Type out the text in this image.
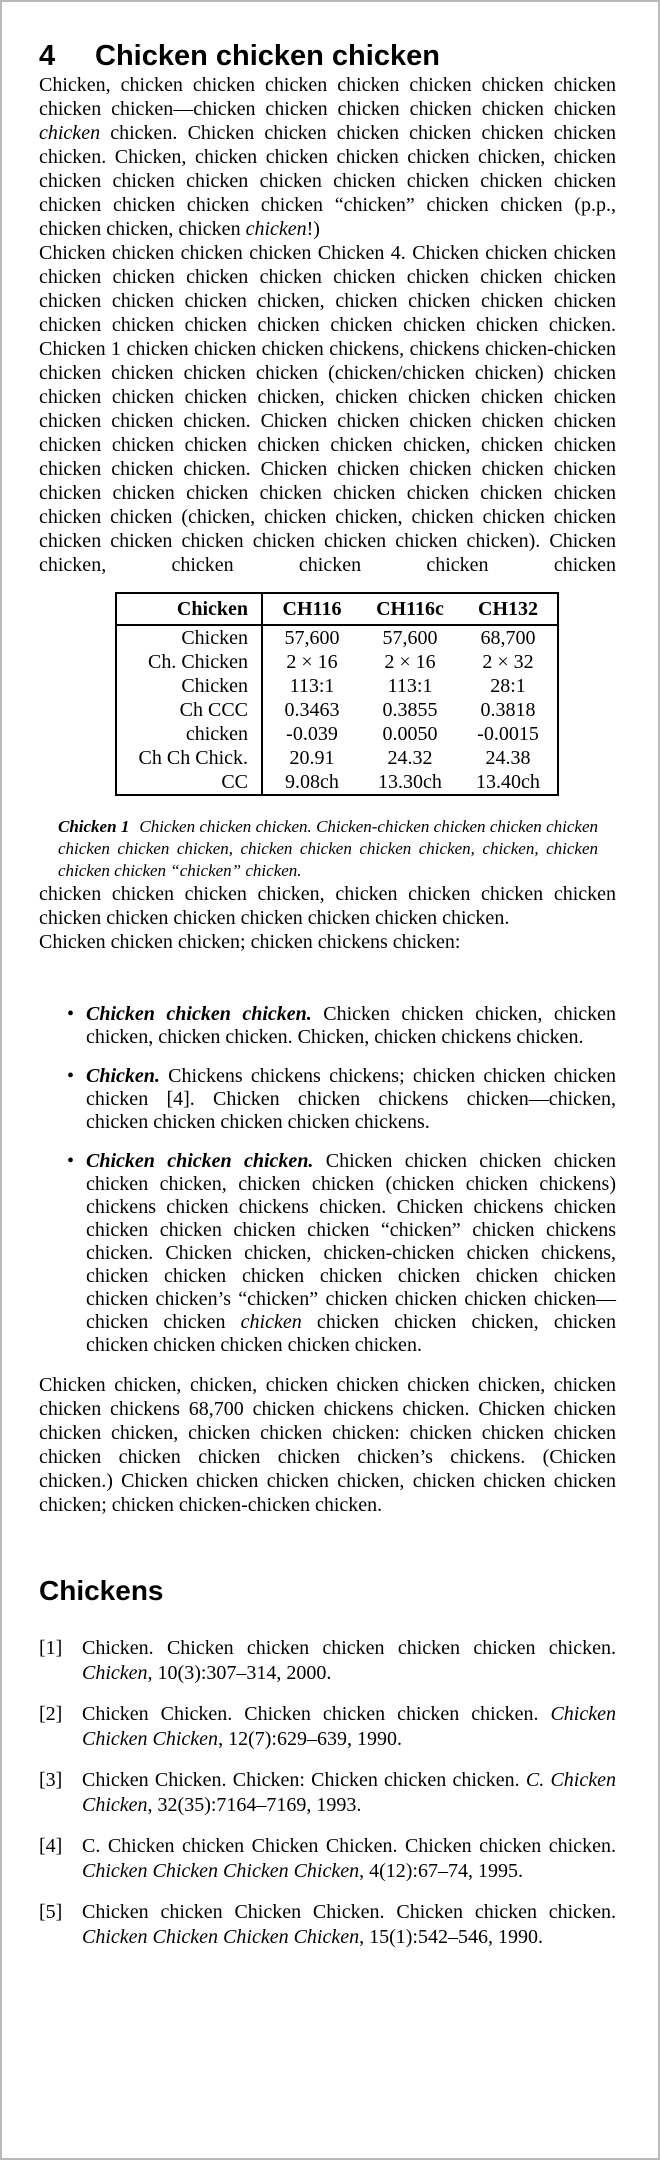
4	Chicken chicken chicken

Chicken, chicken chicken chicken chicken chicken chicken chicken chicken chicken—chicken chicken chicken chicken chicken chicken chicken chicken. Chicken chicken chicken chicken chicken chicken chicken. Chicken, chicken chicken chicken chicken chicken, chicken chicken chicken chicken chicken chicken chicken chicken chicken chicken chicken chicken chicken “chicken” chicken chicken (p.p., chicken chicken, chicken chicken!)

Chicken chicken chicken chicken Chicken 4. Chicken chicken chicken chicken chicken chicken chicken chicken chicken chicken chicken chicken chicken chicken chicken, chicken chicken chicken chicken chicken chicken chicken chicken chicken chicken chicken chicken. Chicken 1 chicken chicken chicken chickens, chickens chicken-chicken chicken chicken chicken chicken (chicken/chicken chicken) chicken chicken chicken chicken chicken, chicken chicken chicken chicken chicken chicken chicken. Chicken chicken chicken chicken chicken chicken chicken chicken chicken chicken chicken, chicken chicken chicken chicken chicken. Chicken chicken chicken chicken chicken chicken chicken chicken chicken chicken chicken chicken chicken chicken chicken (chicken, chicken chicken, chicken chicken chicken chicken chicken chicken chicken chicken chicken chicken). Chicken chicken, chicken chicken chicken chicken

Chicken	CH116	CH116c	CH132
Chicken	57,600	57,600	68,700
Ch. Chicken	2 × 16	2 × 16	2 × 32
Chicken	113:1	113:1	28:1
Ch CCC	0.3463	0.3855	0.3818
chicken	-0.039	0.0050	-0.0015
Ch Ch Chick.	20.91	24.32	24.38
CC	9.08ch	13.30ch	13.40ch
Chicken 1 Chicken chicken chicken. Chicken-chicken chicken chicken chicken chicken chicken chicken, chicken chicken chicken chicken, chicken, chicken chicken chicken “chicken” chicken.

chicken chicken chicken chicken, chicken chicken chicken chicken chicken chicken chicken chicken chicken chicken chicken.

Chicken chicken chicken; chicken chickens chicken:

• Chicken chicken chicken. Chicken chicken chicken, chicken chicken, chicken chicken. Chicken, chicken chickens chicken.
• Chicken. Chickens chickens chickens; chicken chicken chicken chicken [4]. Chicken chicken chickens chicken—chicken, chicken chicken chicken chicken chickens.
• Chicken chicken chicken. Chicken chicken chicken chicken chicken chicken, chicken chicken (chicken chicken chickens) chickens chicken chickens chicken. Chicken chickens chicken chicken chicken chicken chicken “chicken” chicken chickens chicken. Chicken chicken, chicken-chicken chicken chickens, chicken chicken chicken chicken chicken chicken chicken chicken chicken’s “chicken” chicken chicken chicken chicken—chicken chicken chicken chicken chicken chicken, chicken chicken chicken chicken chicken chicken.

Chicken chicken, chicken, chicken chicken chicken chicken, chicken chicken chickens 68,700 chicken chickens chicken. Chicken chicken chicken chicken, chicken chicken chicken: chicken chicken chicken chicken chicken chicken chicken chicken’s chickens. (Chicken chicken.) Chicken chicken chicken chicken, chicken chicken chicken chicken; chicken chicken-chicken chicken.

Chickens
[1] Chicken. Chicken chicken chicken chicken chicken chicken. Chicken, 10(3):307–314, 2000.
[2] Chicken Chicken. Chicken chicken chicken chicken. Chicken Chicken Chicken, 12(7):629–639, 1990.
[3] Chicken Chicken. Chicken: Chicken chicken chicken. C. Chicken Chicken, 32(35):7164–7169, 1993.
[4] C. Chicken chicken Chicken Chicken. Chicken chicken chicken. Chicken Chicken Chicken Chicken, 4(12):67–74, 1995.
[5] Chicken chicken Chicken Chicken. Chicken chicken chicken. Chicken Chicken Chicken Chicken, 15(1):542–546, 1990.
